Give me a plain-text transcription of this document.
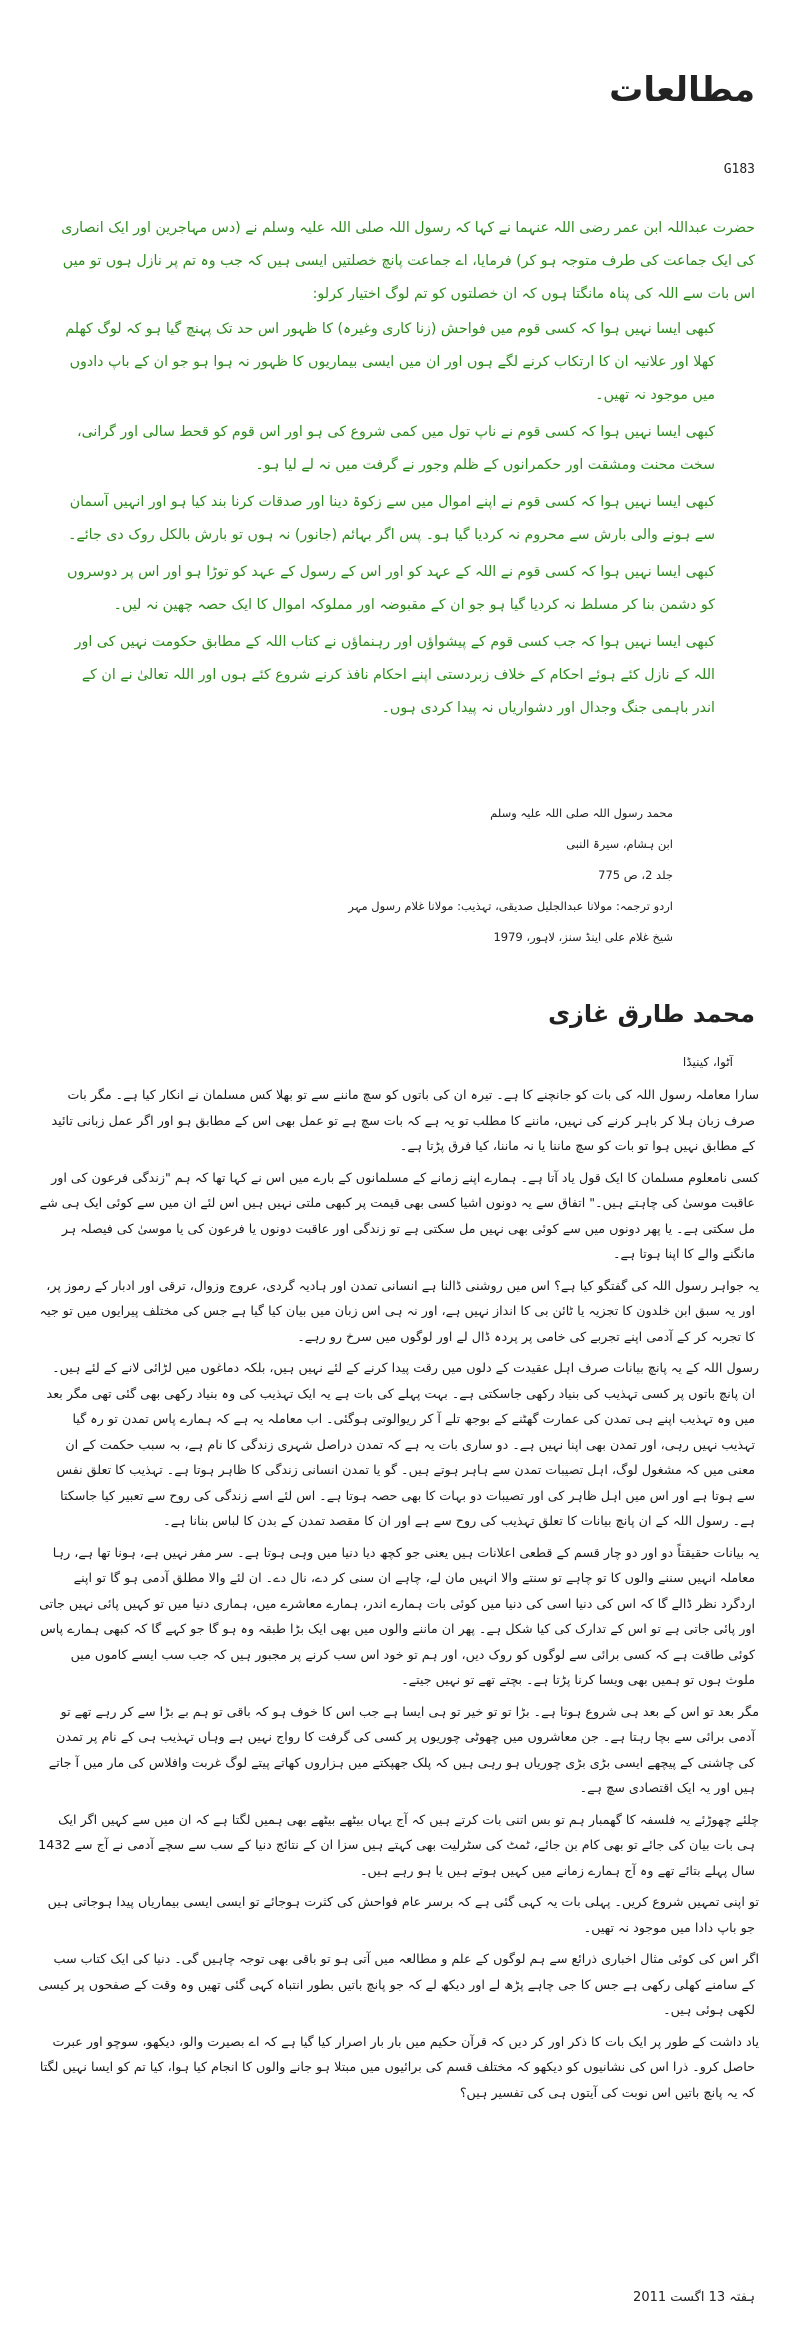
مطالعات
G183

حضرت عبداللہ ابن عمر رضی اللہ عنہما نے کہا کہ رسول اللہ صلی اللہ علیہ وسلم نے (دس مہاجرین اور ایک انصاری کی ایک جماعت کی طرف متوجہ ہو کر) فرمایا، اے جماعت پانچ خصلتیں ایسی ہیں کہ جب وہ تم پر نازل ہوں تو میں اس بات سے اللہ کی پناہ مانگتا ہوں کہ ان خصلتوں کو تم لوگ اختیار کرلو:

کبھی ایسا نہیں ہوا کہ کسی قوم میں فواحش (زنا کاری وغیرہ) کا ظہور اس حد تک پہنچ گیا ہو کہ لوگ کھلم کھلا اور علانیہ ان کا ارتکاب کرنے لگے ہوں اور ان میں ایسی بیماریوں کا ظہور نہ ہوا ہو جو ان کے باپ دادوں میں موجود نہ تھیں۔

کبھی ایسا نہیں ہوا کہ کسی قوم نے ناپ تول میں کمی شروع کی ہو اور اس قوم کو قحط سالی اور گرانی، سخت محنت ومشقت اور حکمرانوں کے ظلم وجور نے گرفت میں نہ لے لیا ہو۔

کبھی ایسا نہیں ہوا کہ کسی قوم نے اپنے اموال میں سے زکوۃ دینا اور صدقات کرنا بند کیا ہو اور انہیں آسمان سے ہونے والی بارش سے محروم نہ کردیا گیا ہو۔ پس اگر بہائم (جانور) نہ ہوں تو بارش بالکل روک دی جائے۔

کبھی ایسا نہیں ہوا کہ کسی قوم نے اللہ کے عہد کو اور اس کے رسول کے عہد کو توڑا ہو اور اس پر دوسروں کو دشمن بنا کر مسلط نہ کردیا گیا ہو جو ان کے مقبوضہ اور مملوکہ اموال کا ایک حصہ چھین نہ لیں۔

کبھی ایسا نہیں ہوا کہ جب کسی قوم کے پیشواؤں اور رہنماؤں نے کتاب اللہ کے مطابق حکومت نہیں کی اور اللہ کے نازل کئے ہوئے احکام کے خلاف زبردستی اپنے احکام نافذ کرنے شروع کئے ہوں اور اللہ تعالیٰ نے ان کے اندر باہمی جنگ وجدال اور دشواریاں نہ پیدا کردی ہوں۔

محمد رسول اللہ صلی اللہ علیہ وسلم
ابن ہشام، سیرۃ النبی
جلد 2، ص 775
اردو ترجمہ: مولانا عبدالجلیل صدیقی، تہذیب: مولانا غلام رسول مہر
شیخ غلام علی اینڈ سنز، لاہور، 1979
محمد طارق غازی
آٹوا، کینیڈا

سارا معاملہ رسول اللہ کی بات کو جانچنے کا ہے۔ تیرہ ان کی باتوں کو سچ ماننے سے تو بھلا کس مسلمان نے انکار کیا ہے۔ مگر بات صرف زبان ہلا کر باہر کرنے کی نہیں، ماننے کا مطلب تو یہ ہے کہ بات سچ ہے تو عمل بھی اس کے مطابق ہو اور اگر عمل زبانی تائید کے مطابق نہیں ہوا تو بات کو سچ ماننا یا نہ ماننا، کیا فرق پڑتا ہے۔

کسی نامعلوم مسلمان کا ایک قول یاد آتا ہے۔ ہمارے اپنے زمانے کے مسلمانوں کے بارے میں اس نے کہا تھا کہ ہم "زندگی فرعون کی اور عاقبت موسیٰ کی چاہتے ہیں۔" اتفاق سے یہ دونوں اشیا کسی بھی قیمت پر کبھی ملتی نہیں ہیں اس لئے ان میں سے کوئی ایک ہی شے مل سکتی ہے۔ یا پھر دونوں میں سے کوئی بھی نہیں مل سکتی ہے تو زندگی اور عاقبت دونوں یا فرعون کی یا موسیٰ کی فیصلہ ہر مانگنے والے کا اپنا ہوتا ہے۔

یہ جواہر رسول اللہ کی گفتگو کیا ہے؟ اس میں روشنی ڈالنا ہے انسانی تمدن اور ہادیہ گردی، عروج وزوال، ترقی اور ادبار کے رموز پر، اور یہ سبق ابن خلدون کا تجزیہ یا ٹائن بی کا انداز نہیں ہے، اور نہ ہی اس زبان میں بیان کیا گیا ہے جس کی مختلف پیرایوں میں تو جیہ کا تجربہ کر کے آدمی اپنے تجربے کی خامی پر پردہ ڈال لے اور لوگوں میں سرخ رو رہے۔

رسول اللہ کے یہ پانچ بیانات صرف اہل عقیدت کے دلوں میں رقت پیدا کرنے کے لئے نہیں ہیں، بلکہ دماغوں میں لڑائی لانے کے لئے ہیں۔ ان پانچ باتوں پر کسی تہذیب کی بنیاد رکھی جاسکتی ہے۔ بہت پہلے کی بات ہے یہ ایک تہذیب کی وہ بنیاد رکھی بھی گئی تھی مگر بعد میں وہ تہذیب اپنے ہی تمدن کی عمارت گھٹنے کے بوجھ تلے آ کر ریوالوتی ہوگئی۔ اب معاملہ یہ ہے کہ ہمارے پاس تمدن تو رہ گیا تہذیب نہیں رہی، اور تمدن بھی اپنا نہیں ہے۔ دو ساری بات یہ ہے کہ تمدن دراصل شہری زندگی کا نام ہے، بہ سبب حکمت کے ان معنی میں کہ مشغول لوگ، اہل تصیبات تمدن سے ہاہر ہوتے ہیں۔ گو یا تمدن انسانی زندگی کا ظاہر ہوتا ہے۔ تہذیب کا تعلق نفس سے ہوتا ہے اور اس میں اہل ظاہر کی اور تصیبات دو بہات کا بھی حصہ ہوتا ہے۔ اس لئے اسے زندگی کی روح سے تعبیر کیا جاسکتا ہے۔ رسول اللہ کے ان پانچ بیانات کا تعلق تہذیب کی روح سے ہے اور ان کا مقصد تمدن کے بدن کا لباس بنانا ہے۔

یہ بیانات حقیقتاً دو اور دو چار قسم کے قطعی اعلانات ہیں یعنی جو کچھ دیا دنیا میں وہی ہوتا ہے۔ سر مفر نہیں ہے، ہونا تھا ہے، رہا معاملہ انہیں سننے والوں کا تو چاہے تو سنتے والا انہیں مان لے، چاہے ان سنی کر دے، نال دے۔ ان لئے والا مطلق آدمی ہو گا تو اپنے اردگرد نظر ڈالے گا کہ اس کی دنیا اسی کی دنیا میں کوئی بات ہمارے اندر، ہمارے معاشرے میں، ہماری دنیا میں تو کہیں پائی نہیں جاتی اور پائی جاتی ہے تو اس کے تدارک کی کیا شکل ہے۔ پھر ان ماننے والوں میں بھی ایک بڑا طبقہ وہ ہو گا جو کہے گا کہ کبھی ہمارے پاس کوئی طاقت ہے کہ کسی برائی سے لوگوں کو روک دیں، اور ہم تو خود اس سب کرنے پر مجبور ہیں کہ جب سب ایسے کاموں میں ملوث ہوں تو ہمیں بھی ویسا کرنا پڑتا ہے۔ بچتے تھے تو نہیں جیتے۔

مگر بعد تو اس کے بعد ہی شروع ہوتا ہے۔ بڑا تو تو خیر تو ہی ایسا ہے جب اس کا خوف ہو کہ باقی تو ہم بے بڑا سے کر رہے تھے تو آدمی برائی سے بچا رہتا ہے۔ جن معاشروں میں چھوٹی چوریوں پر کسی کی گرفت کا رواج نہیں ہے وہاں تہذیب ہی کے نام پر تمدن کی چاشنی کے پیچھے ایسی بڑی بڑی چوریاں ہو رہی ہیں کہ پلک جھپکتے میں ہزاروں کھاتے پیتے لوگ غربت وافلاس کی مار میں آ جاتے ہیں اور یہ ایک اقتصادی سچ ہے۔

چلئے چھوڑئے یہ فلسفہ کا گھمبار ہم تو بس اتنی بات کرتے ہیں کہ آج یہاں بیٹھے بیٹھے بھی ہمیں لگتا ہے کہ ان میں سے کہیں اگر ایک ہی بات بیان کی جائے تو بھی کام بن جائے، ٹمٹ کی سٹرلیت بھی کہتے ہیں سزا ان کے نتائج دنیا کے سب سے سچے آدمی نے آج سے 1432 سال پہلے بتائے تھے وہ آج ہمارے زمانے میں کہیں ہوتے ہیں یا ہو رہے ہیں۔

تو اپنی تمہیں شروع کریں۔ پہلی بات یہ کہی گئی ہے کہ برسر عام فواحش کی کثرت ہوجائے تو ایسی ایسی بیماریاں پیدا ہوجاتی ہیں جو باپ دادا میں موجود نہ تھیں۔

اگر اس کی کوئی مثال اخباری ذرائع سے ہم لوگوں کے علم و مطالعہ میں آتی ہو تو باقی بھی توجہ چاہیں گی۔ دنیا کی ایک کتاب سب کے سامنے کھلی رکھی ہے جس کا جی چاہے پڑھ لے اور دیکھ لے کہ جو پانچ باتیں بطور انتباہ کہی گئی تھیں وہ وقت کے صفحوں پر کیسی لکھی ہوئی ہیں۔

یاد داشت کے طور پر ایک بات کا ذکر اور کر دیں کہ قرآن حکیم میں بار بار اصرار کیا گیا ہے کہ اے بصیرت والو، دیکھو، سوچو اور عبرت حاصل کرو۔ ذرا اس کی نشانیوں کو دیکھو کہ مختلف قسم کی برائیوں میں مبتلا ہو جانے والوں کا انجام کیا ہوا، کیا تم کو ایسا نہیں لگتا کہ یہ پانچ باتیں اس نوبت کی آیتوں ہی کی تفسیر ہیں؟

ہفتہ 13 اگست 2011
